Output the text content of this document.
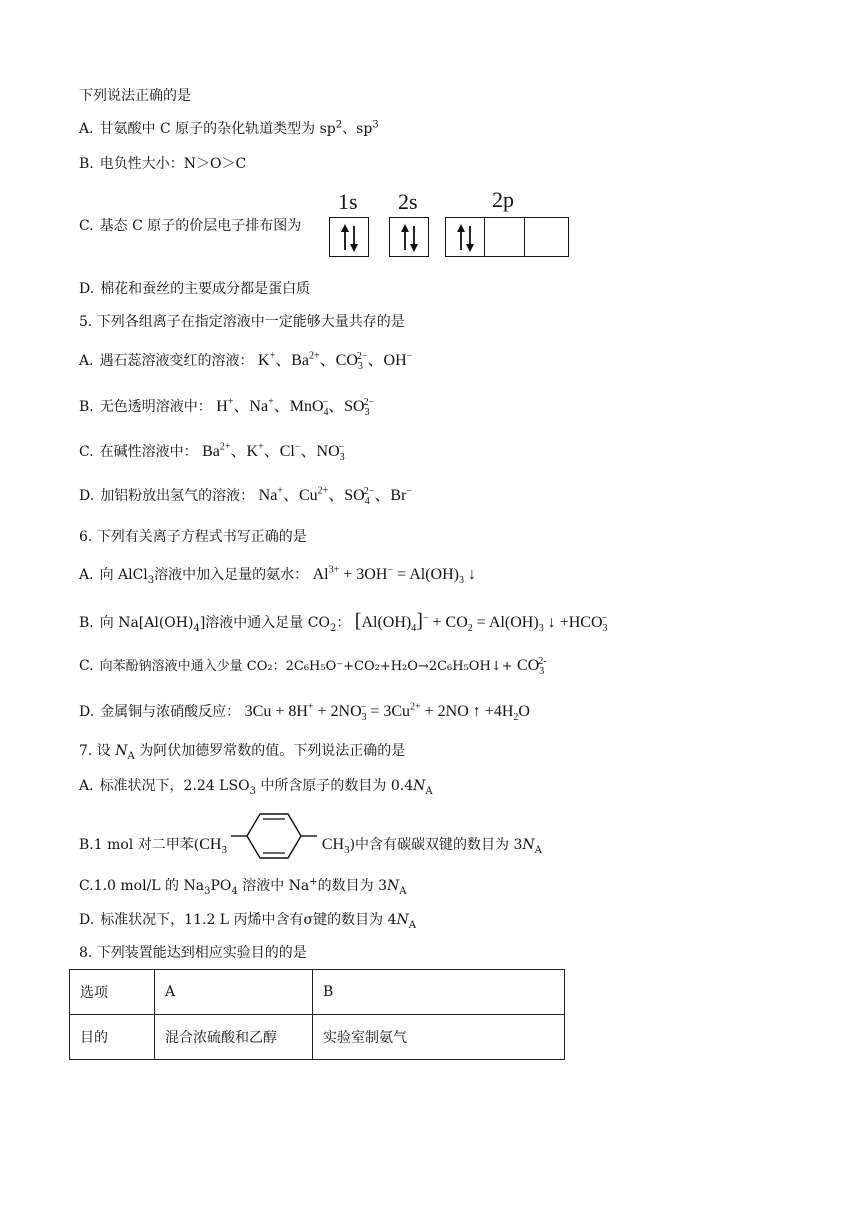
下列说法正确的是
A. 甘氨酸中 C 原子的杂化轨道类型为 $sp^2$、$sp^3$
B. 电负性大小：N＞O＞C
C. 基态 C 原子的价层电子排布图为
1s 2s	2p
D. 棉花和蚕丝的主要成分都是蛋白质
5. 下列各组离子在指定溶液中一定能够大量共存的是
A. 遇石蕊溶液变红的溶液： K+、$Ba^{2+}$、$CO_3^{2-}$、OH−
B. 无色透明溶液中： H+、Na+、MnO$_4$−、$SO_3^{2-}$
C. 在碱性溶液中： $Ba^{2+}$、K+、Cl−、$NO_3^-$
D. 加铝粉放出氢气的溶液： Na+、$Cu^{2+}$、$SO_4^{2-}$、Br−
6. 下列有关离子方程式书写正确的是
A. 向 AlCl$_3$溶液中加入足量的氨水： $Al^{3+} + 3OH^- = Al(OH)_3$ ↓
B. 向 $Na[Al(OH)_4]$溶液中通入足量 $CO_2$： $[Al(OH)_4]^- + CO_2 = Al(OH)_3$ ↓ $+HCO_3^-$
C. 向苯酚钠溶液中通入少量 CO₂：2C₆H₅O⁻+CO₂+H₂O→2C₆H₅OH↓+ $CO_3^{2-}$
D. 金属铜与浓硝酸反应： $3Cu + 8H^+ + 2NO_3^- = 3Cu^{2+} + 2NO$ ↑ $+4H_2O$
7. 设 $N_A$ 为阿伏加德罗常数的值。下列说法正确的是
A. 标准状况下，2.24 $LSO_3$ 中所含原子的数目为 $0.4N_A$
B.1 mol 对二甲苯($CH_3$	$CH_3$)中含有碳碳双键的数目为 $3N_A$
C.1.0 mol/L 的 $Na_3PO_4$ 溶液中 Na+的数目为 $3N_A$
D. 标准状况下，11.2 L 丙烯中含有σ键的数目为 $4N_A$
8. 下列装置能达到相应实验目的的是
选项	A	B
目的	混合浓硫酸和乙醇	实验室制氨气
